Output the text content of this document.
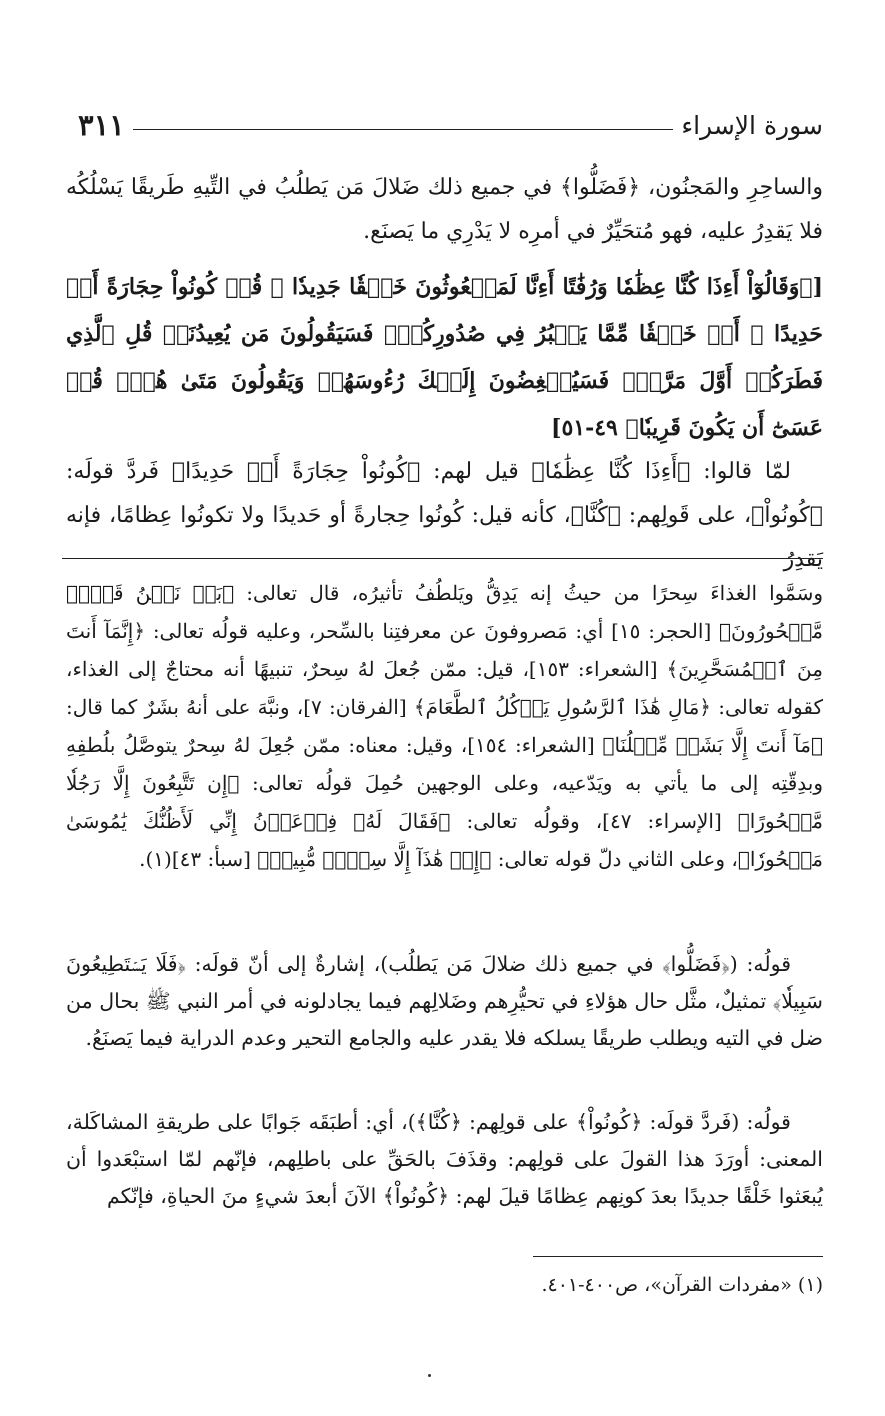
سورة الإسراء
٣١١

والساحِرِ والمَجنُون، ﴿فَضَلُّوا﴾ في جميع ذلك ضَلالَ مَن يَطلُبُ في التِّيهِ طَريقًا يَسْلُكُه فلا يَقدِرُ عليه، فهو مُتحَيِّرٌ في أمرِه لا يَدْرِي ما يَصنَع.

[﴿وَقَالُوٓاْ أَءِذَا كُنَّا عِظَٰمٗا وَرُفَٰتًا أَءِنَّا لَمَبۡعُوثُونَ خَلۡقٗا جَدِيدٗا ۞ قُلۡ كُونُواْ حِجَارَةً أَوۡ حَدِيدًا ۞ أَوۡ خَلۡقٗا مِّمَّا يَكۡبُرُ فِي صُدُورِكُمۡۚ فَسَيَقُولُونَ مَن يُعِيدُنَاۖ قُلِ ٱلَّذِي فَطَرَكُمۡ أَوَّلَ مَرَّةٖۚ فَسَيُنۡغِضُونَ إِلَيۡكَ رُءُوسَهُمۡ وَيَقُولُونَ مَتَىٰ هُوَۖ قُلۡ عَسَىٰٓ أَن يَكُونَ قَرِيبٗا﴾ ٤٩-٥١]

لمّا قالوا: ﴿أَءِذَا كُنَّا عِظَٰمٗا﴾ قيل لهم: ﴿كُونُواْ حِجَارَةً أَوۡ حَدِيدًا﴾ فَردَّ قولَه: ﴿كُونُواْ﴾، على قَولِهم: ﴿كُنَّا﴾، كأنه قيل: كُونُوا حِجارةً أو حَديدًا ولا تكونُوا عِظامًا، فإنه يَقدِرُ

وسَمَّوا الغذاءَ سِحرًا من حيثُ إنه يَدِقُّ ويَلطُفُ تأثيرُه، قال تعالى: ﴿بَلۡ نَحۡنُ قَوۡمٞ مَّسۡحُورُونَ﴾ [الحجر: ١٥] أي: مَصروفونَ عن معرفتِنا بالسِّحر، وعليه قولُه تعالى: ﴿إِنَّمَآ أَنتَ مِنَ ٱلۡمُسَحَّرِينَ﴾ [الشعراء: ١٥٣]، قيل: ممّن جُعلَ لهُ سِحرٌ، تنبيهًا أنه محتاجٌ إلى الغذاء، كقوله تعالى: ﴿مَالِ هَٰذَا ٱلرَّسُولِ يَأۡكُلُ ٱلطَّعَامَ﴾ [الفرقان: ٧]، ونبَّهَ على أنهُ بشَرٌ كما قال: ﴿مَآ أَنتَ إِلَّا بَشَرٞ مِّثۡلُنَا﴾ [الشعراء: ١٥٤]، وقيل: معناه: ممّن جُعِلَ لهُ سِحرٌ يتوصَّلُ بلُطفِهِ وبدِقّتِه إلى ما يأتي به ويَدّعيه، وعلى الوجهين حُمِلَ قولُه تعالى: ﴿إِن تَتَّبِعُونَ إِلَّا رَجُلٗا مَّسۡحُورًا﴾ [الإسراء: ٤٧]، وقولُه تعالى: ﴿فَقَالَ لَهُۥ فِرۡعَوۡنُ إِنِّي لَأَظُنُّكَ يَٰمُوسَىٰ مَسۡحُورٗا﴾، وعلى الثاني دلّ قوله تعالى: ﴿إِنۡ هَٰذَآ إِلَّا سِحۡرٞ مُّبِينٞ﴾ [سبأ: ٤٣](١).

قولُه: (﴿فَضَلُّوا﴾ في جميع ذلك ضلالَ مَن يَطلُب)، إشارةٌ إلى أنّ قولَه: ﴿فَلَا يَسۡتَطِيعُونَ سَبِيلٗا﴾ تمثيلٌ، مثَّل حال هؤلاءِ في تحيُّرِهم وضَلالِهم فيما يجادلونه في أمر النبي ﷺ بحال من ضل في التيه ويطلب طريقًا يسلكه فلا يقدر عليه والجامع التحير وعدم الدراية فيما يَصنَعُ.

قولُه: (فَردَّ قولَه: ﴿كُونُواْ﴾ على قولِهم: ﴿كُنَّا﴾)، أي: أطبَقَه جَوابًا على طريقةِ المشاكَلة، المعنى: أورَدَ هذا القولَ على قولِهم: وقذَفَ بالحَقِّ على باطلِهم، فإنّهم لمّا استبْعَدوا أن يُبعَثوا خَلْقًا جديدًا بعدَ كونِهم عِظامًا قيلَ لهم: ﴿كُونُواْ﴾ الآنَ أبعدَ شيءٍ منَ الحياةِ، فإنّكم

(١) «مفردات القرآن»، ص٤٠٠-٤٠١.
